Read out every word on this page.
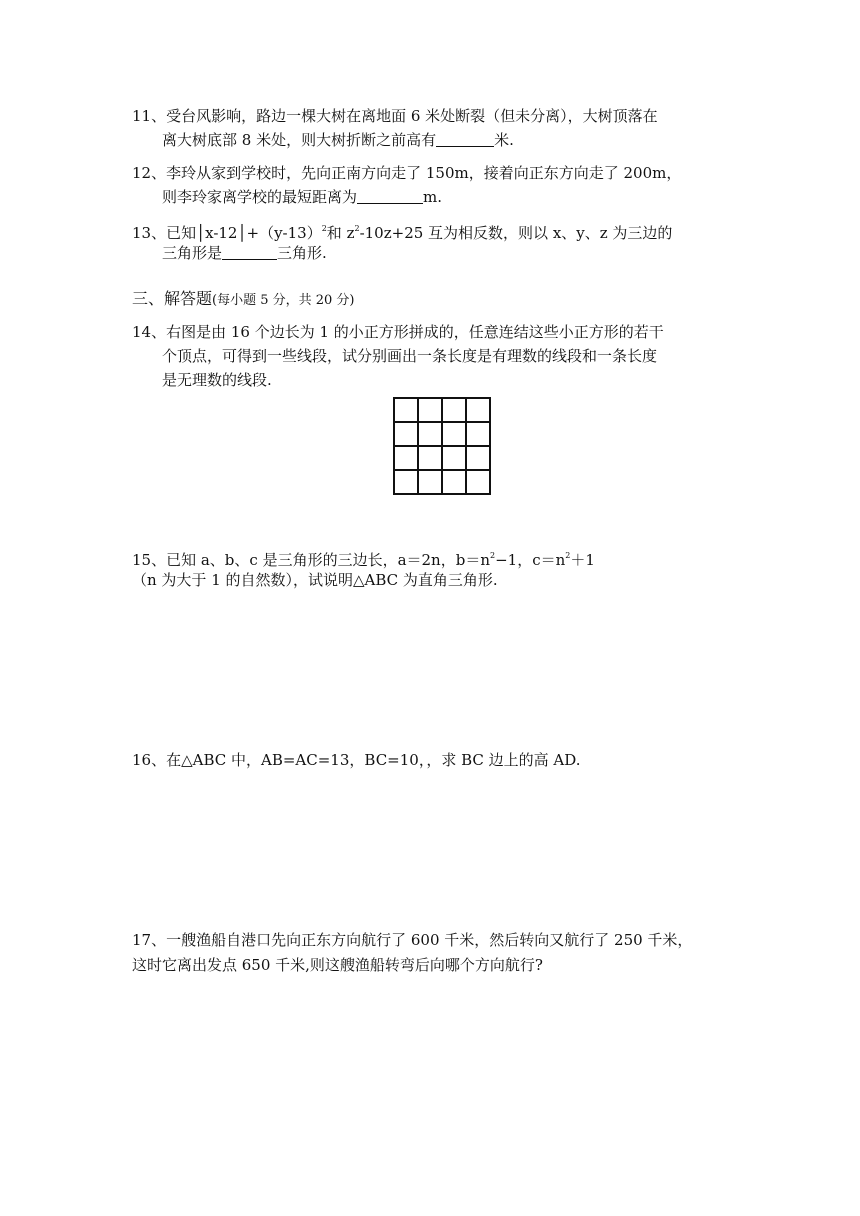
11、受台风影响，路边一棵大树在离地面 6 米处断裂（但未分离），大树顶落在
离大树底部 8 米处，则大树折断之前高有	米.
12、李玲从家到学校时，先向正南方向走了 150m，接着向正东方向走了 200m，
则李玲家离学校的最短距离为	m.
13、已知$│x-12│+(y-13)^2$和 $z^2-10z+25$ 互为相反数，则以 x、y、z 为三边的
三角形是	三角形.
三、解答题(每小题 5 分，共 20 分)
14、右图是由 16 个边长为 1 的小正方形拼成的，任意连结这些小正方形的若干
个顶点，可得到一些线段，试分别画出一条长度是有理数的线段和一条长度
是无理数的线段.
15、已知 a、b、c 是三角形的三边长，a＝2n，$b=n^2-1$，$c=n^2+1$
（n 为大于 1 的自然数），试说明△ABC 为直角三角形.
16、在△ABC 中，AB=AC=13，BC=10，，求 BC 边上的高 AD.
17、一艘渔船自港口先向正东方向航行了 600 千米，然后转向又航行了 250 千米，
这时它离出发点 650 千米,则这艘渔船转弯后向哪个方向航行?
